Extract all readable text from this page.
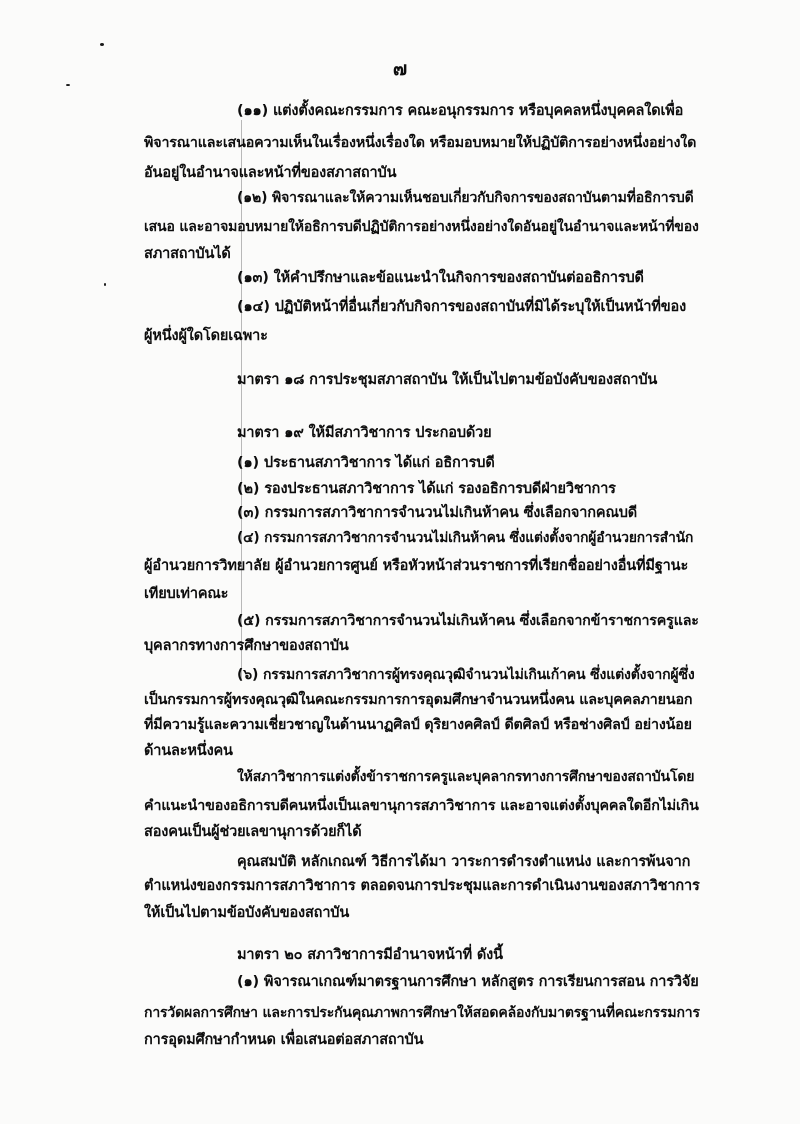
๗
(๑๑) แต่งตั้งคณะกรรมการ คณะอนุกรรมการ หรือบุคคลหนึ่งบุคคลใดเพื่อ
พิจารณาและเสนอความเห็นในเรื่องหนึ่งเรื่องใด หรือมอบหมายให้ปฏิบัติการอย่างหนึ่งอย่างใด
อันอยู่ในอำนาจและหน้าที่ของสภาสถาบัน
(๑๒) พิจารณาและให้ความเห็นชอบเกี่ยวกับกิจการของสถาบันตามที่อธิการบดี
เสนอ และอาจมอบหมายให้อธิการบดีปฏิบัติการอย่างหนึ่งอย่างใดอันอยู่ในอำนาจและหน้าที่ของ
สภาสถาบันได้
(๑๓) ให้คำปรึกษาและข้อแนะนำในกิจการของสถาบันต่ออธิการบดี
(๑๔) ปฏิบัติหน้าที่อื่นเกี่ยวกับกิจการของสถาบันที่มิได้ระบุให้เป็นหน้าที่ของ
ผู้หนึ่งผู้ใดโดยเฉพาะ
มาตรา ๑๘ การประชุมสภาสถาบัน ให้เป็นไปตามข้อบังคับของสถาบัน
มาตรา ๑๙ ให้มีสภาวิชาการ ประกอบด้วย
(๑) ประธานสภาวิชาการ ได้แก่ อธิการบดี
(๒) รองประธานสภาวิชาการ ได้แก่ รองอธิการบดีฝ่ายวิชาการ
(๓) กรรมการสภาวิชาการจำนวนไม่เกินห้าคน ซึ่งเลือกจากคณบดี
(๔) กรรมการสภาวิชาการจำนวนไม่เกินห้าคน ซึ่งแต่งตั้งจากผู้อำนวยการสำนัก
ผู้อำนวยการวิทยาลัย ผู้อำนวยการศูนย์ หรือหัวหน้าส่วนราชการที่เรียกชื่ออย่างอื่นที่มีฐานะ
เทียบเท่าคณะ
(๕) กรรมการสภาวิชาการจำนวนไม่เกินห้าคน ซึ่งเลือกจากข้าราชการครูและ
บุคลากรทางการศึกษาของสถาบัน
(๖) กรรมการสภาวิชาการผู้ทรงคุณวุฒิจำนวนไม่เกินเก้าคน ซึ่งแต่งตั้งจากผู้ซึ่ง
เป็นกรรมการผู้ทรงคุณวุฒิในคณะกรรมการการอุดมศึกษาจำนวนหนึ่งคน และบุคคลภายนอก
ที่มีความรู้และความเชี่ยวชาญในด้านนาฏศิลป์ ดุริยางคศิลป์ ดีตศิลป์ หรือช่างศิลป์ อย่างน้อย
ด้านละหนึ่งคน
ให้สภาวิชาการแต่งตั้งข้าราชการครูและบุคลากรทางการศึกษาของสถาบันโดย
คำแนะนำของอธิการบดีคนหนึ่งเป็นเลขานุการสภาวิชาการ และอาจแต่งตั้งบุคคลใดอีกไม่เกิน
สองคนเป็นผู้ช่วยเลขานุการด้วยก็ได้
คุณสมบัติ หลักเกณฑ์ วิธีการได้มา วาระการดำรงตำแหน่ง และการพ้นจาก
ตำแหน่งของกรรมการสภาวิชาการ ตลอดจนการประชุมและการดำเนินงานของสภาวิชาการ
ให้เป็นไปตามข้อบังคับของสถาบัน
มาตรา ๒๐ สภาวิชาการมีอำนาจหน้าที่ ดังนี้
(๑) พิจารณาเกณฑ์มาตรฐานการศึกษา หลักสูตร การเรียนการสอน การวิจัย
การวัดผลการศึกษา และการประกันคุณภาพการศึกษาให้สอดคล้องกับมาตรฐานที่คณะกรรมการ
การอุดมศึกษากำหนด เพื่อเสนอต่อสภาสถาบัน
